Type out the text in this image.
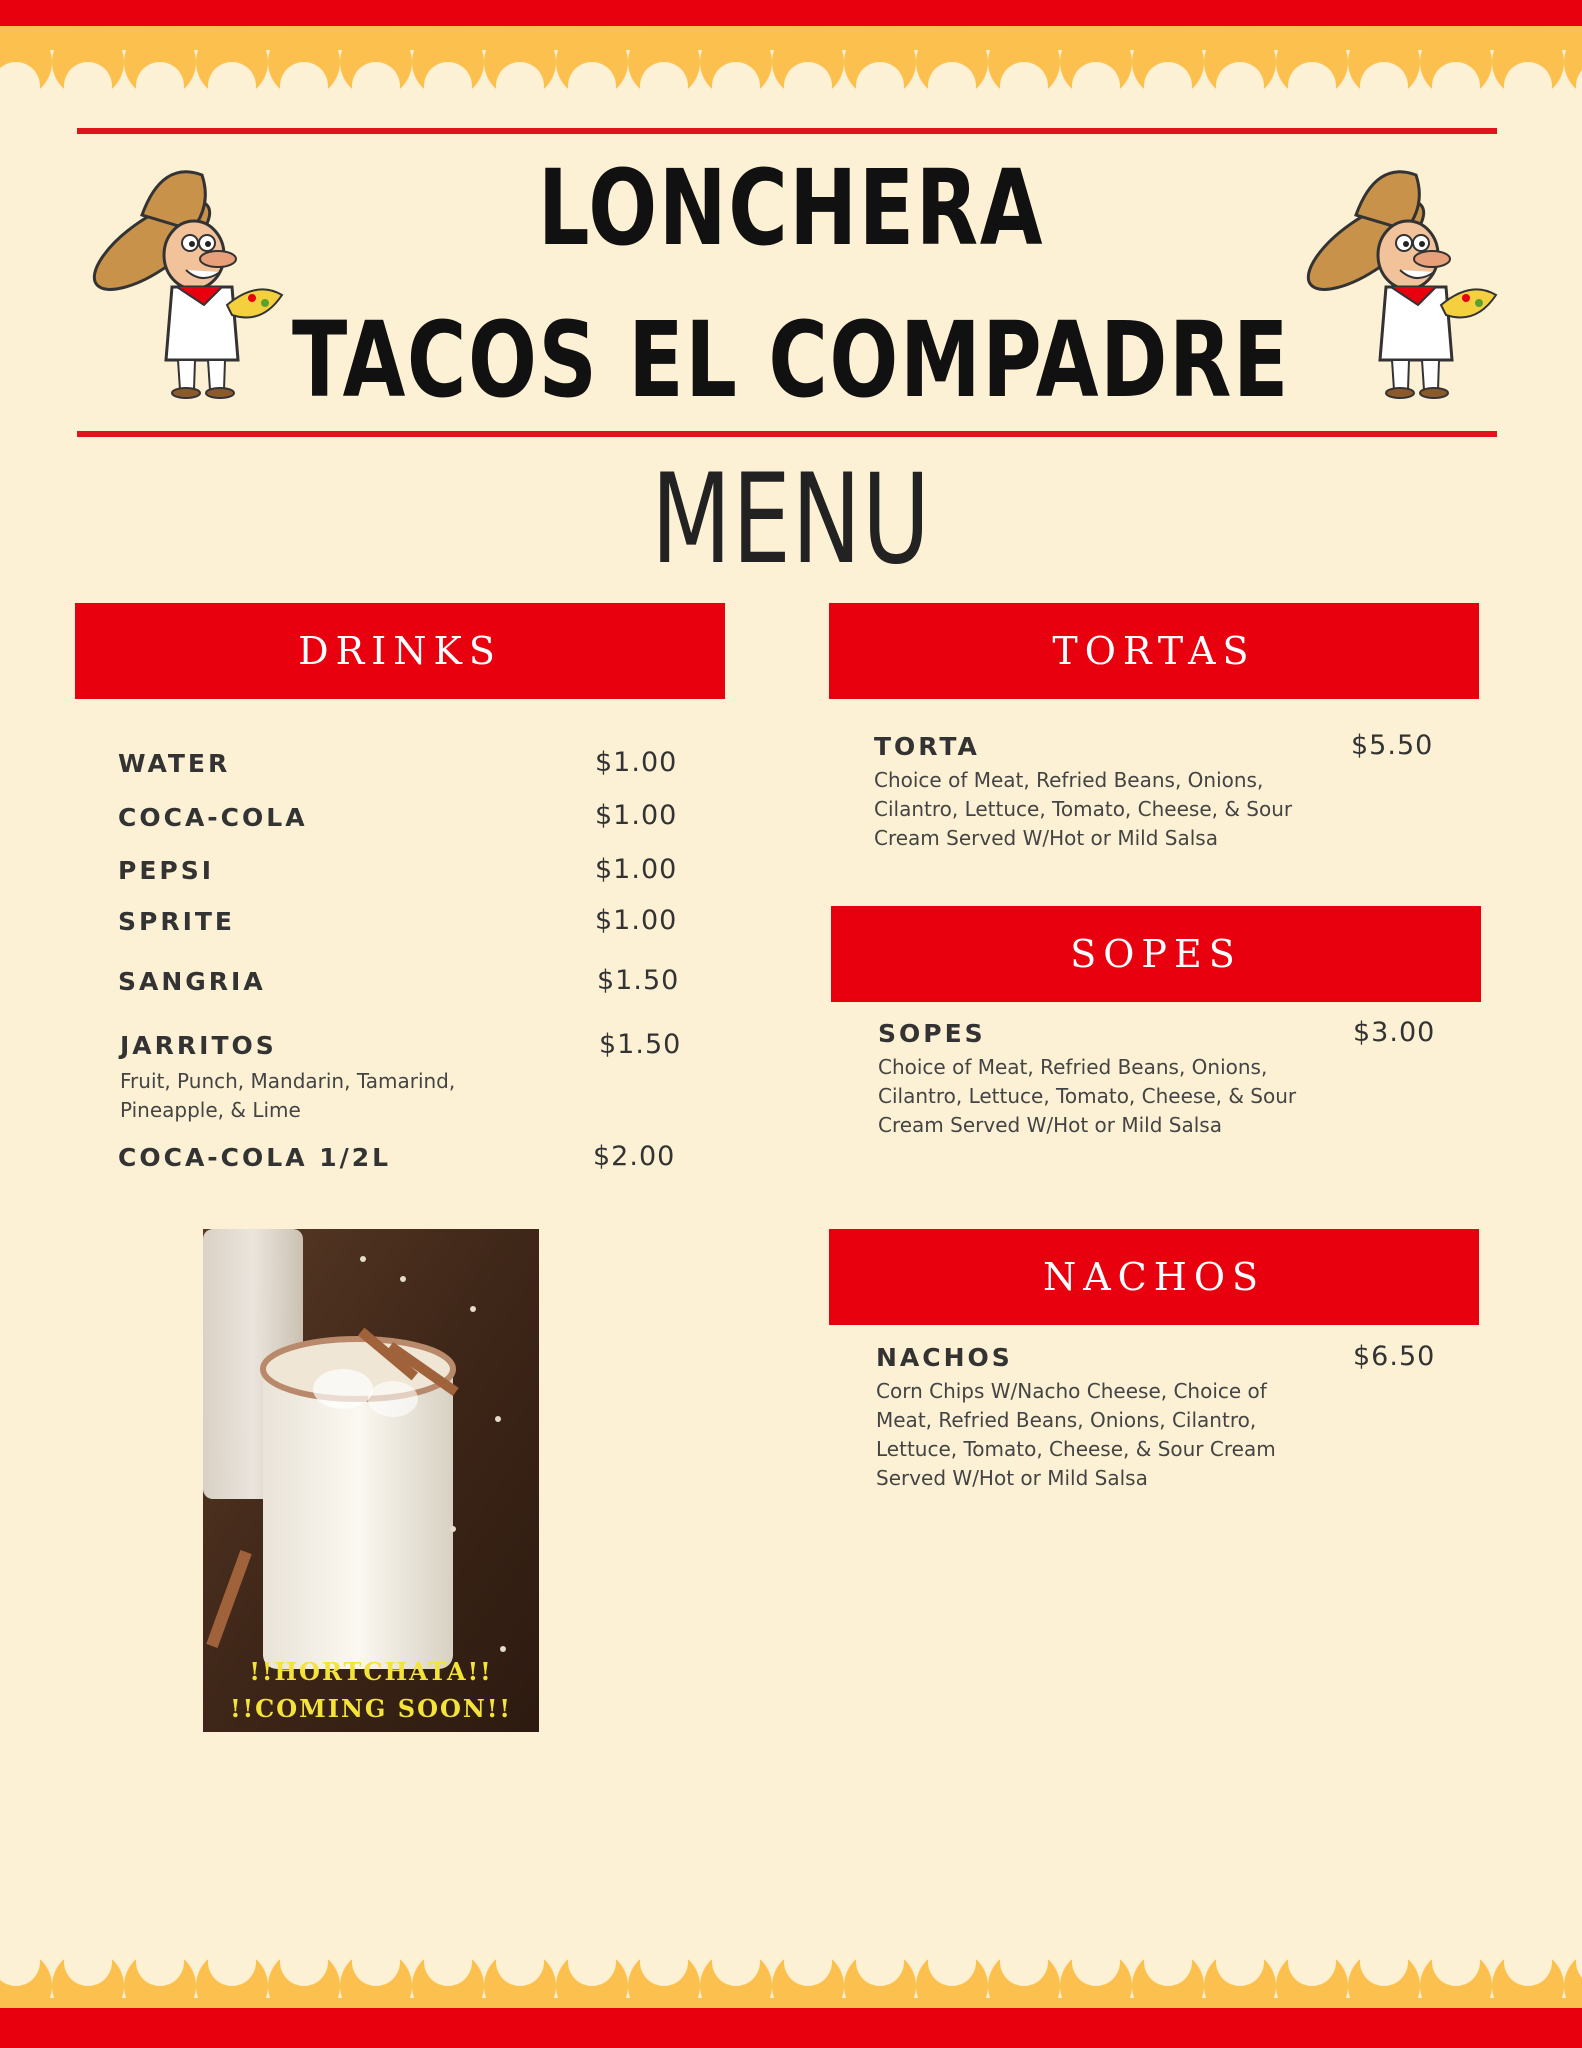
LONCHERA
TACOS EL COMPADRE
MENU
DRINKS
WATER	$1.00
COCA-COLA	$1.00
PEPSI	$1.00
SPRITE	$1.00
SANGRIA	$1.50
JARRITOS	$1.50
Fruit, Punch, Mandarin, Tamarind,
Pineapple, & Lime
COCA-COLA 1/2L	$2.00
!!HORTCHATA!!
!!COMING SOON!!
TORTAS
TORTA	$5.50
Choice of Meat, Refried Beans, Onions,
Cilantro, Lettuce, Tomato, Cheese, & Sour
Cream Served W/Hot or Mild Salsa
SOPES
SOPES	$3.00
Choice of Meat, Refried Beans, Onions,
Cilantro, Lettuce, Tomato, Cheese, & Sour
Cream Served W/Hot or Mild Salsa
NACHOS
NACHOS	$6.50
Corn Chips W/Nacho Cheese, Choice of
Meat, Refried Beans, Onions, Cilantro,
Lettuce, Tomato, Cheese, & Sour Cream
Served W/Hot or Mild Salsa
